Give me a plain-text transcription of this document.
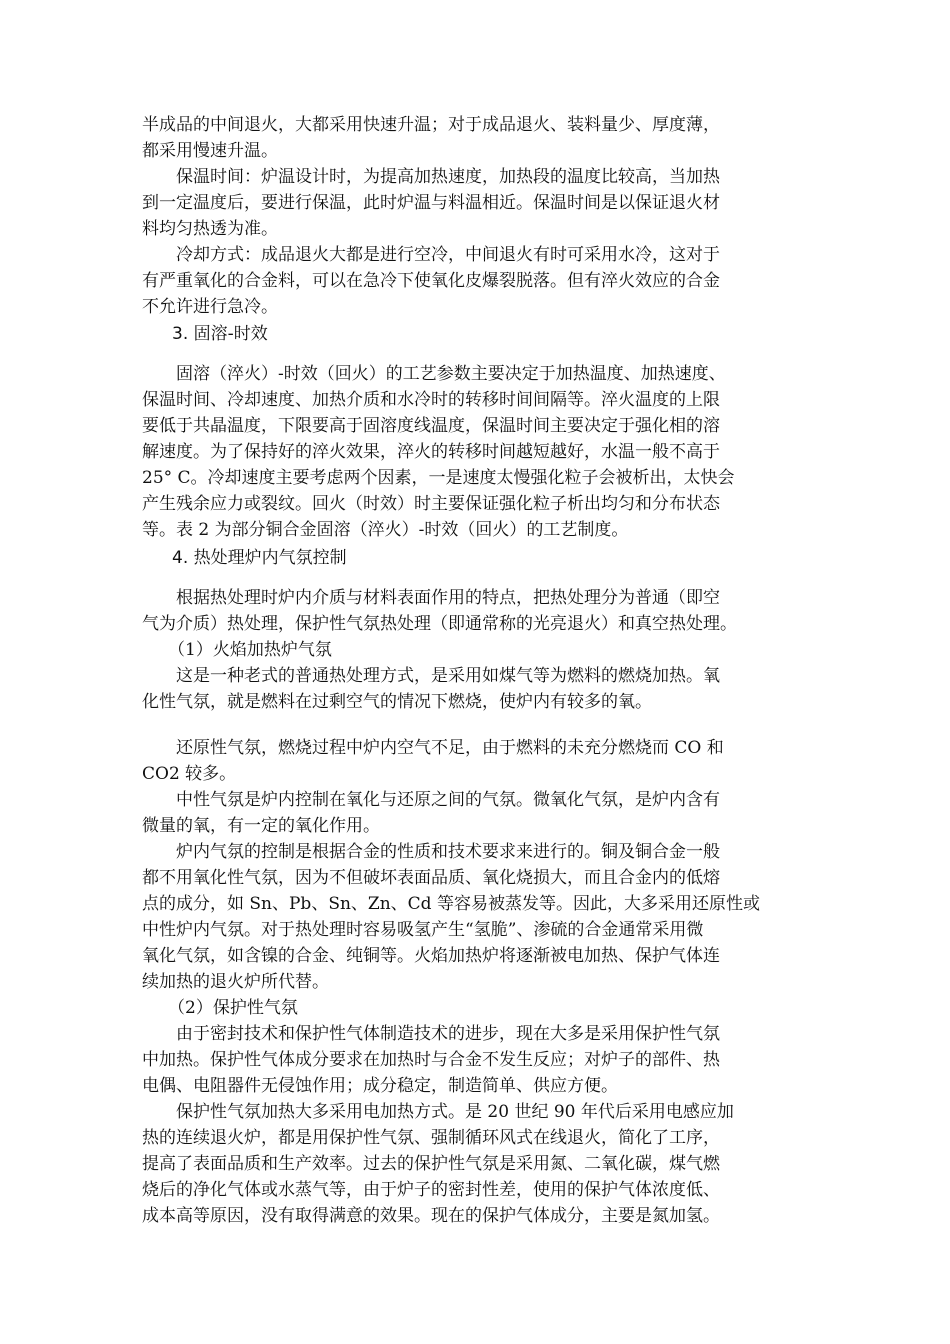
半成品的中间退火，大都采用快速升温；对于成品退火、装料量少、厚度薄，
都采用慢速升温。
　　保温时间：炉温设计时，为提高加热速度，加热段的温度比较高，当加热
到一定温度后，要进行保温，此时炉温与料温相近。保温时间是以保证退火材
料均匀热透为准。
　　冷却方式：成品退火大都是进行空冷，中间退火有时可采用水冷，这对于
有严重氧化的合金料，可以在急冷下使氧化皮爆裂脱落。但有淬火效应的合金
不允许进行急冷。
3. 固溶-时效
　　固溶（淬火）-时效（回火）的工艺参数主要决定于加热温度、加热速度、
保温时间、冷却速度、加热介质和水冷时的转移时间间隔等。淬火温度的上限
要低于共晶温度，下限要高于固溶度线温度，保温时间主要决定于强化相的溶
解速度。为了保持好的淬火效果，淬火的转移时间越短越好，水温一般不高于
25° C。冷却速度主要考虑两个因素，一是速度太慢强化粒子会被析出，太快会
产生残余应力或裂纹。回火（时效）时主要保证强化粒子析出均匀和分布状态
等。表 2 为部分铜合金固溶（淬火）-时效（回火）的工艺制度。
4. 热处理炉内气氛控制
　　根据热处理时炉内介质与材料表面作用的特点，把热处理分为普通（即空
气为介质）热处理，保护性气氛热处理（即通常称的光亮退火）和真空热处理。
（1）火焰加热炉气氛
　　这是一种老式的普通热处理方式，是采用如煤气等为燃料的燃烧加热。氧
化性气氛，就是燃料在过剩空气的情况下燃烧，使炉内有较多的氧。
　　还原性气氛，燃烧过程中炉内空气不足，由于燃料的未充分燃烧而 CO 和
CO2 较多。
　　中性气氛是炉内控制在氧化与还原之间的气氛。微氧化气氛，是炉内含有
微量的氧，有一定的氧化作用。
　　炉内气氛的控制是根据合金的性质和技术要求来进行的。铜及铜合金一般
都不用氧化性气氛，因为不但破坏表面品质、氧化烧损大，而且合金内的低熔
点的成分，如 Sn、Pb、Sn、Zn、Cd 等容易被蒸发等。因此，大多采用还原性或
中性炉内气氛。对于热处理时容易吸氢产生“氢脆”、渗硫的合金通常采用微
氧化气氛，如含镍的合金、纯铜等。火焰加热炉将逐渐被电加热、保护气体连
续加热的退火炉所代替。
（2）保护性气氛
　　由于密封技术和保护性气体制造技术的进步，现在大多是采用保护性气氛
中加热。保护性气体成分要求在加热时与合金不发生反应；对炉子的部件、热
电偶、电阻器件无侵蚀作用；成分稳定，制造简单、供应方便。
　　保护性气氛加热大多采用电加热方式。是 20 世纪 90 年代后采用电感应加
热的连续退火炉，都是用保护性气氛、强制循环风式在线退火，简化了工序，
提高了表面品质和生产效率。过去的保护性气氛是采用氮、二氧化碳，煤气燃
烧后的净化气体或水蒸气等，由于炉子的密封性差，使用的保护气体浓度低、
成本高等原因，没有取得满意的效果。现在的保护气体成分，主要是氮加氢。
